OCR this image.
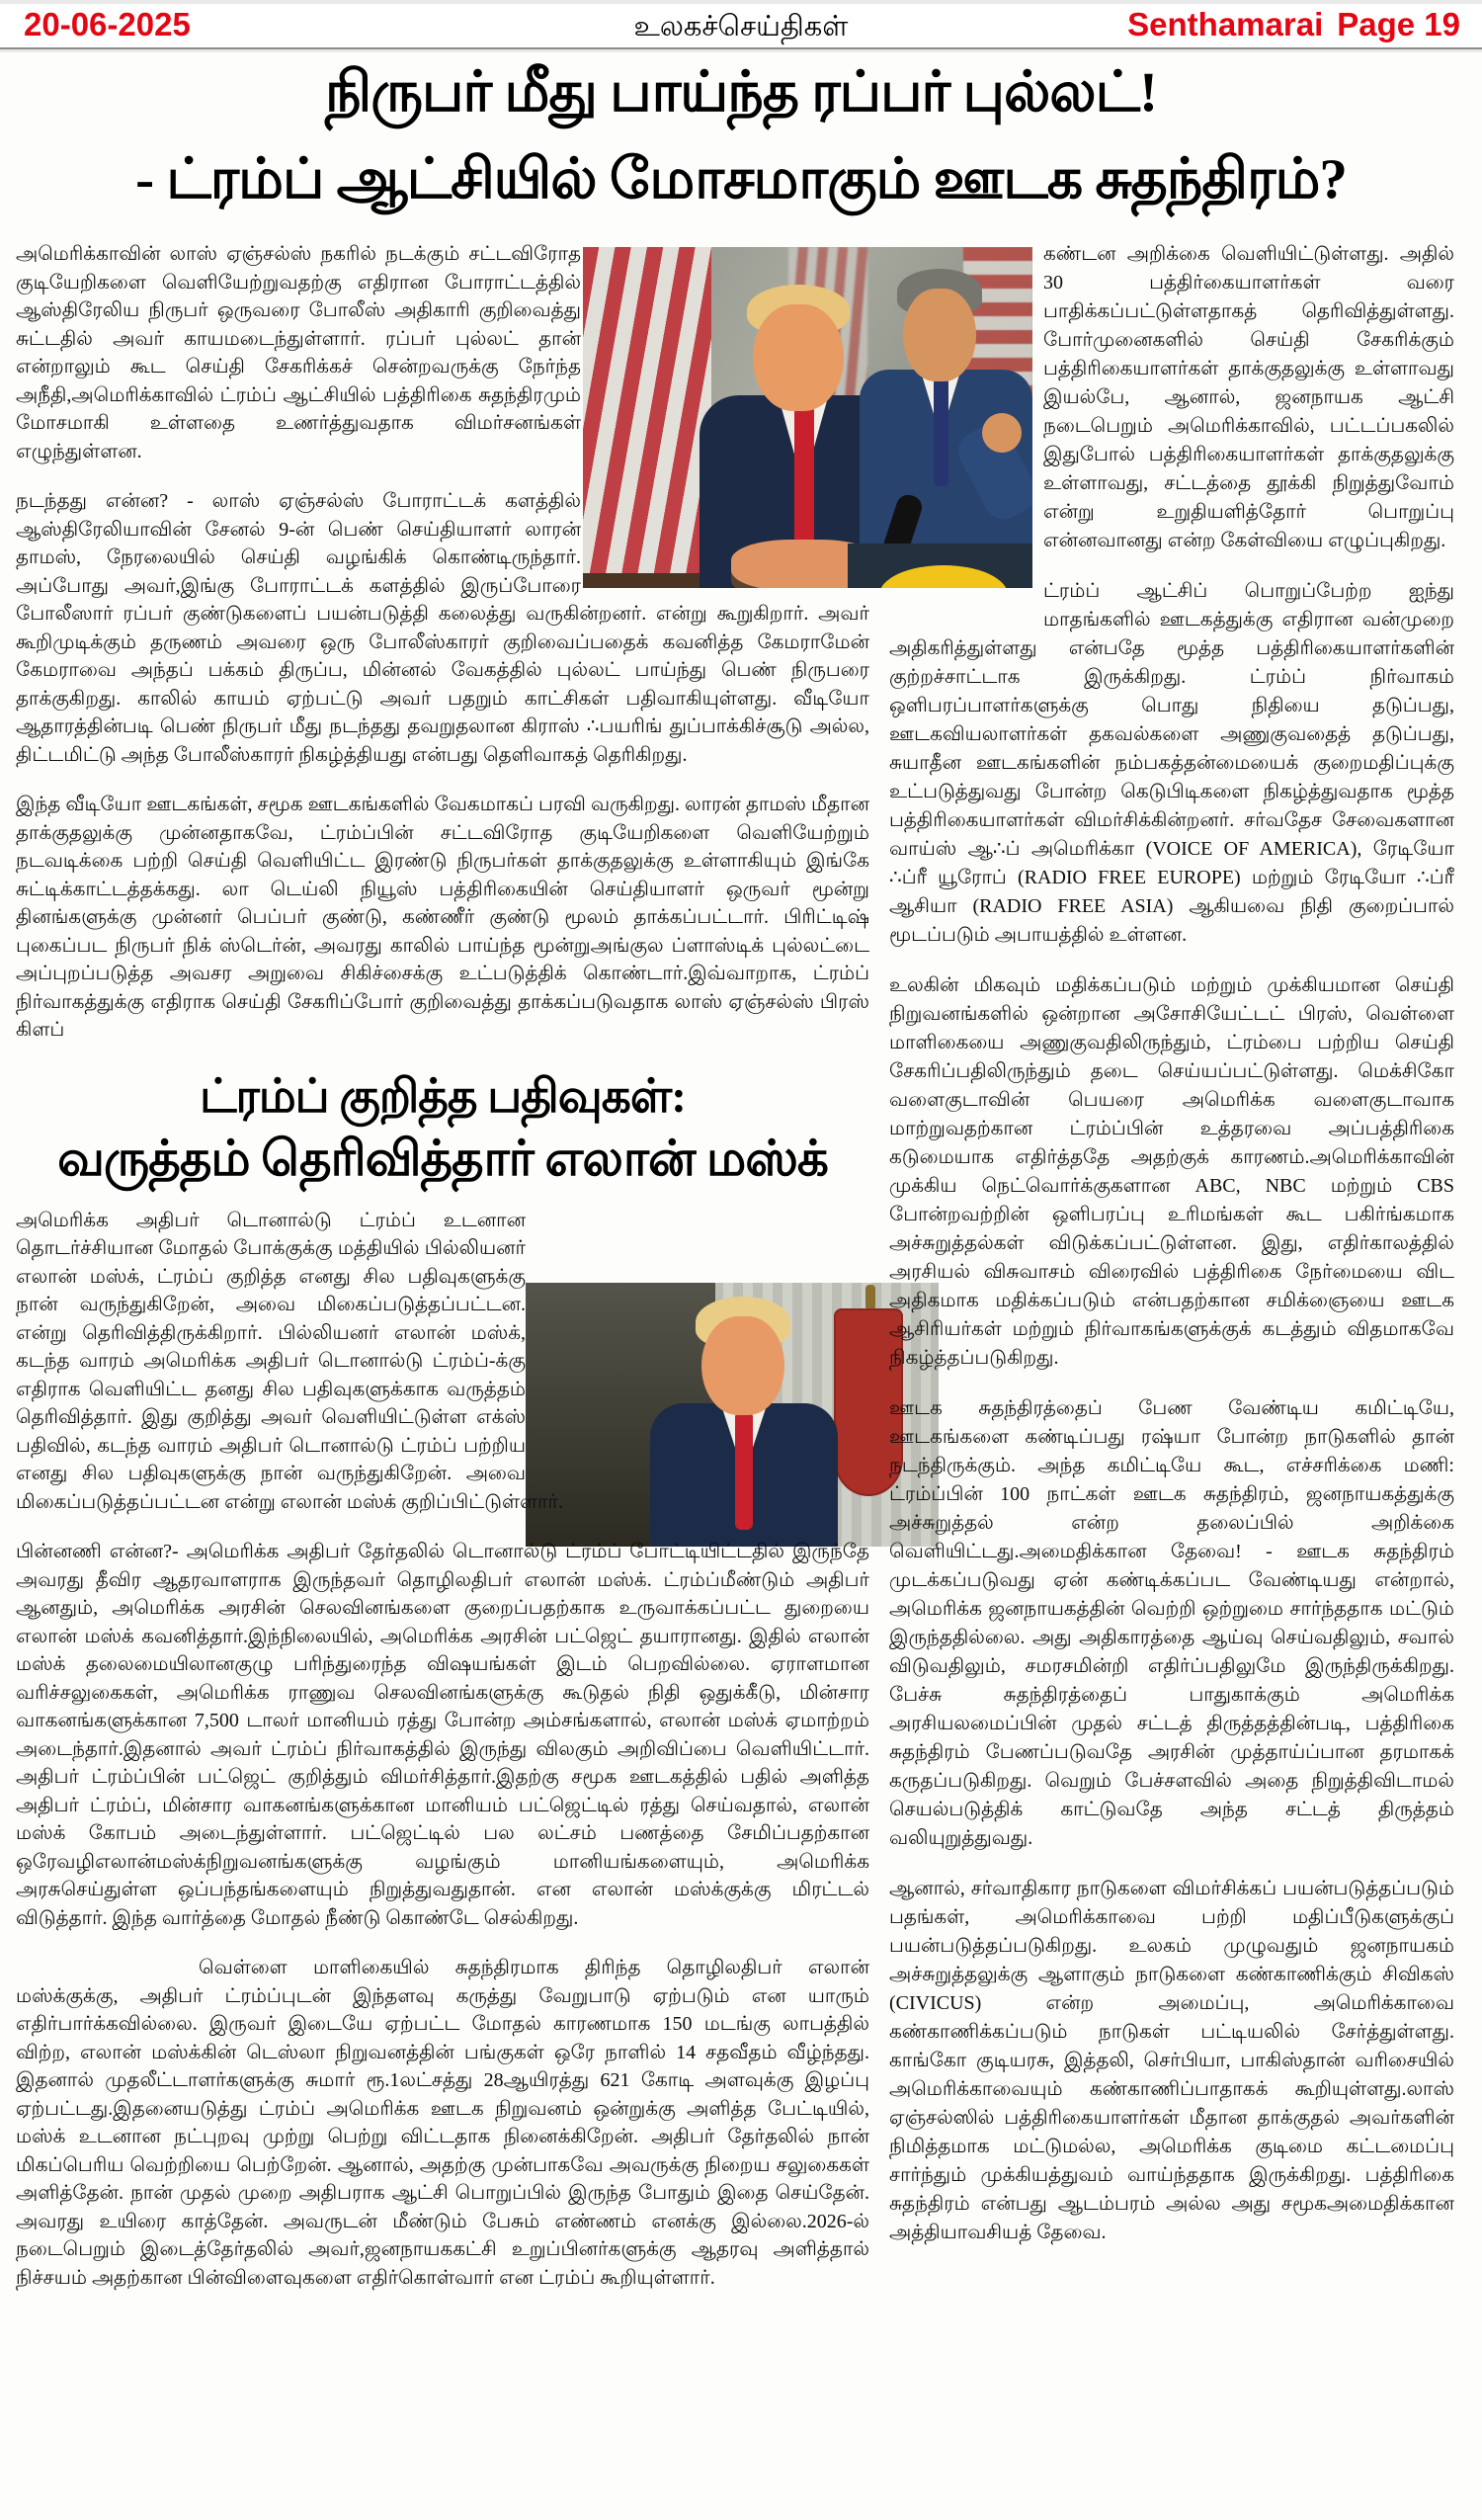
20-06-2025	உலகச்செய்திகள்	Senthamarai Page 19
நிருபர் மீது பாய்ந்த ரப்பர் புல்லட்!
- ட்ரம்ப் ஆட்சியில் மோசமாகும் ஊடக சுதந்திரம்?

அமெரிக்காவின் லாஸ் ஏஞ்சல்ஸ் நகரில் நடக்கும் சட்டவிரோத குடியேறிகளை வெளியேற்றுவதற்கு எதிரான போராட்டத்தில் ஆஸ்திரேலிய நிருபர் ஒருவரை போலீஸ் அதிகாரி குறிவைத்து சுட்டதில் அவர் காயமடைந்துள்ளார். ரப்பர் புல்லட் தான் என்றாலும் கூட செய்தி சேகரிக்கச் சென்றவருக்கு நேர்ந்த அநீதி,அமெரிக்காவில் ட்ரம்ப் ஆட்சியில் பத்திரிகை சுதந்திரமும் மோசமாகி உள்ளதை உணர்த்துவதாக விமர்சனங்கள் எழுந்துள்ளன.

நடந்தது என்ன? - லாஸ் ஏஞ்சல்ஸ் போராட்டக் களத்தில் ஆஸ்திரேலியாவின் சேனல் 9-ன் பெண் செய்தியாளர் லாரன் தாமஸ், நேரலையில் செய்தி வழங்கிக் கொண்டிருந்தார். அப்போது அவர்,இங்கு போராட்டக் களத்தில் இருப்போரை போலீஸார் ரப்பர் குண்டுகளைப் பயன்படுத்தி கலைத்து வருகின்றனர். என்று கூறுகிறார். அவர் கூறிமுடிக்கும் தருணம் அவரை ஒரு போலீஸ்காரர் குறிவைப்பதைக் கவனித்த கேமராமேன் கேமராவை அந்தப் பக்கம் திருப்ப, மின்னல் வேகத்தில் புல்லட் பாய்ந்து பெண் நிருபரை தாக்குகிறது. காலில் காயம் ஏற்பட்டு அவர் பதறும் காட்சிகள் பதிவாகியுள்ளது. வீடியோ ஆதாரத்தின்படி பெண் நிருபர் மீது நடந்தது தவறுதலான கிராஸ் ∴பயரிங் துப்பாக்கிச்சூடு அல்ல, திட்டமிட்டு அந்த போலீஸ்காரர் நிகழ்த்தியது என்பது தெளிவாகத் தெரிகிறது.

இந்த வீடியோ ஊடகங்கள், சமூக ஊடகங்களில் வேகமாகப் பரவி வருகிறது. லாரன் தாமஸ் மீதான தாக்குதலுக்கு முன்னதாகவே, ட்ரம்ப்பின் சட்டவிரோத குடியேறிகளை வெளியேற்றும் நடவடிக்கை பற்றி செய்தி வெளியிட்ட இரண்டு நிருபர்கள் தாக்குதலுக்கு உள்ளாகியும் இங்கே சுட்டிக்காட்டத்தக்கது. லா டெய்லி நியூஸ் பத்திரிகையின் செய்தியாளர் ஒருவர் மூன்று தினங்களுக்கு முன்னர் பெப்பர் குண்டு, கண்ணீர் குண்டு மூலம் தாக்கப்பட்டார். பிரிட்டிஷ் புகைப்பட நிருபர் நிக் ஸ்டெர்ன், அவரது காலில் பாய்ந்த மூன்றுஅங்குல ப்ளாஸ்டிக் புல்லட்டை அப்புறப்படுத்த அவசர அறுவை சிகிச்சைக்கு உட்படுத்திக் கொண்டார்.இவ்வாறாக, ட்ரம்ப் நிர்வாகத்துக்கு எதிராக செய்தி சேகரிப்போர் குறிவைத்து தாக்கப்படுவதாக லாஸ் ஏஞ்சல்ஸ் பிரஸ் கிளப்

ட்ரம்ப் குறித்த பதிவுகள்:
வருத்தம் தெரிவித்தார் எலான் மஸ்க்

அமெரிக்க அதிபர் டொனால்டு ட்ரம்ப் உடனான தொடர்ச்சியான மோதல் போக்குக்கு மத்தியில் பில்லியனர் எலான் மஸ்க், ட்ரம்ப் குறித்த எனது சில பதிவுகளுக்கு நான் வருந்துகிறேன், அவை மிகைப்படுத்தப்பட்டன. என்று தெரிவித்திருக்கிறார். பில்லியனர் எலான் மஸ்க், கடந்த வாரம் அமெரிக்க அதிபர் டொனால்டு ட்ரம்ப்-க்கு எதிராக வெளியிட்ட தனது சில பதிவுகளுக்காக வருத்தம் தெரிவித்தார். இது குறித்து அவர் வெளியிட்டுள்ள எக்ஸ் பதிவில், கடந்த வாரம் அதிபர் டொனால்டு ட்ரம்ப் பற்றிய எனது சில பதிவுகளுக்கு நான் வருந்துகிறேன். அவை மிகைப்படுத்தப்பட்டன என்று எலான் மஸ்க் குறிப்பிட்டுள்ளார்.

பின்னணி என்ன?- அமெரிக்க அதிபர் தேர்தலில் டொனால்டு ட்ரம்ப் போட்டியிட்டதில் இருந்தே அவரது தீவிர ஆதரவாளராக இருந்தவர் தொழிலதிபர் எலான் மஸ்க். ட்ரம்ப்மீண்டும் அதிபர் ஆனதும், அமெரிக்க அரசின் செலவினங்களை குறைப்பதற்காக உருவாக்கப்பட்ட துறையை எலான் மஸ்க் கவனித்தார்.இந்நிலையில், அமெரிக்க அரசின் பட்ஜெட் தயாரானது. இதில் எலான் மஸ்க் தலைமையிலானகுழு பரிந்துரைந்த விஷயங்கள் இடம் பெறவில்லை. ஏராளமான வரிச்சலுகைகள், அமெரிக்க ராணுவ செலவினங்களுக்கு கூடுதல் நிதி ஒதுக்கீடு, மின்சார வாகனங்களுக்கான 7,500 டாலர் மானியம் ரத்து போன்ற அம்சங்களால், எலான் மஸ்க் ஏமாற்றம் அடைந்தார்.இதனால் அவர் ட்ரம்ப் நிர்வாகத்தில் இருந்து விலகும் அறிவிப்பை வெளியிட்டார். அதிபர் ட்ரம்ப்பின் பட்ஜெட் குறித்தும் விமர்சித்தார்.இதற்கு சமூக ஊடகத்தில் பதில் அளித்த அதிபர் ட்ரம்ப், மின்சார வாகனங்களுக்கான மானியம் பட்ஜெட்டில் ரத்து செய்வதால், எலான் மஸ்க் கோபம் அடைந்துள்ளார். பட்ஜெட்டில் பல லட்சம் பணத்தை சேமிப்பதற்கான ஒரேவழிஎலான்மஸ்க்நிறுவனங்களுக்கு வழங்கும் மானியங்களையும், அமெரிக்க அரசுசெய்துள்ள ஒப்பந்தங்களையும் நிறுத்துவதுதான். என எலான் மஸ்க்குக்கு மிரட்டல் விடுத்தார். இந்த வார்த்தை மோதல் நீண்டு கொண்டே செல்கிறது.

வெள்ளை மாளிகையில் சுதந்திரமாக திரிந்த தொழிலதிபர் எலான் மஸ்க்குக்கு, அதிபர் ட்ரம்ப்புடன் இந்தளவு கருத்து வேறுபாடு ஏற்படும் என யாரும் எதிர்பார்க்கவில்லை. இருவர் இடையே ஏற்பட்ட மோதல் காரணமாக 150 மடங்கு லாபத்தில் விற்ற, எலான் மஸ்க்கின் டெஸ்லா நிறுவனத்தின் பங்குகள் ஒரே நாளில் 14 சதவீதம் வீழ்ந்தது. இதனால் முதலீட்டாளர்களுக்கு சுமார் ரூ.1லட்சத்து 28ஆயிரத்து 621 கோடி அளவுக்கு இழப்பு ஏற்பட்டது.இதனையடுத்து ட்ரம்ப் அமெரிக்க ஊடக நிறுவனம் ஒன்றுக்கு அளித்த பேட்டியில், மஸ்க் உடனான நட்புறவு முற்று பெற்று விட்டதாக நினைக்கிறேன். அதிபர் தேர்தலில் நான் மிகப்பெரிய வெற்றியை பெற்றேன். ஆனால், அதற்கு முன்பாகவே அவருக்கு நிறைய சலுகைகள் அளித்தேன். நான் முதல் முறை அதிபராக ஆட்சி பொறுப்பில் இருந்த போதும் இதை செய்தேன். அவரது உயிரை காத்தேன். அவருடன் மீண்டும் பேசும் எண்ணம் எனக்கு இல்லை.2026-ல் நடைபெறும் இடைத்தேர்தலில் அவர்,ஜனநாயககட்சி உறுப்பினர்களுக்கு ஆதரவு அளித்தால் நிச்சயம் அதற்கான பின்விளைவுகளை எதிர்கொள்வார் என ட்ரம்ப் கூறியுள்ளார்.

கண்டன அறிக்கை வெளியிட்டுள்ளது. அதில் 30 பத்திர்கையாளர்கள் வரை பாதிக்கப்பட்டுள்ளதாகத் தெரிவித்துள்ளது. போர்முனைகளில் செய்தி சேகரிக்கும் பத்திரிகையாளர்கள் தாக்குதலுக்கு உள்ளாவது இயல்பே, ஆனால், ஜனநாயக ஆட்சி நடைபெறும் அமெரிக்காவில், பட்டப்பகலில் இதுபோல் பத்திரிகையாளர்கள் தாக்குதலுக்கு உள்ளாவது, சட்டத்தை தூக்கி நிறுத்துவோம் என்று உறுதியளித்தோர் பொறுப்பு என்னவானது என்ற கேள்வியை எழுப்புகிறது.

ட்ரம்ப் ஆட்சிப் பொறுப்பேற்ற ஐந்து மாதங்களில் ஊடகத்துக்கு எதிரான வன்முறை அதிகரித்துள்ளது என்பதே மூத்த பத்திரிகையாளர்களின் குற்றச்சாட்டாக இருக்கிறது. ட்ரம்ப் நிர்வாகம் ஒளிபரப்பாளர்களுக்கு பொது நிதியை தடுப்பது, ஊடகவியலாளர்கள் தகவல்களை அணுகுவதைத் தடுப்பது, சுயாதீன ஊடகங்களின் நம்பகத்தன்மையைக் குறைமதிப்புக்கு உட்படுத்துவது போன்ற கெடுபிடிகளை நிகழ்த்துவதாக மூத்த பத்திரிகையாளர்கள் விமர்சிக்கின்றனர். சர்வதேச சேவைகளான வாய்ஸ் ஆ∴ப் அமெரிக்கா (VOICE OF AMERICA), ரேடியோ ∴ப்ரீ யூரோப் (RADIO FREE EUROPE) மற்றும் ரேடியோ ∴ப்ரீ ஆசியா (RADIO FREE ASIA) ஆகியவை நிதி குறைப்பால் மூடப்படும் அபாயத்தில் உள்ளன.

உலகின் மிகவும் மதிக்கப்படும் மற்றும் முக்கியமான செய்தி நிறுவனங்களில் ஒன்றான அசோசியேட்டட் பிரஸ், வெள்ளை மாளிகையை அணுகுவதிலிருந்தும், ட்ரம்பை பற்றிய செய்தி சேகரிப்பதிலிருந்தும் தடை செய்யப்பட்டுள்ளது. மெக்சிகோ வளைகுடாவின் பெயரை அமெரிக்க வளைகுடாவாக மாற்றுவதற்கான ட்ரம்ப்பின் உத்தரவை அப்பத்திரிகை கடுமையாக எதிர்த்ததே அதற்குக் காரணம்.அமெரிக்காவின் முக்கிய நெட்வொர்க்குகளான ABC, NBC மற்றும் CBS போன்றவற்றின் ஒளிபரப்பு உரிமங்கள் கூட பகிர்ங்கமாக அச்சுறுத்தல்கள் விடுக்கப்பட்டுள்ளன. இது, எதிர்காலத்தில் அரசியல் விசுவாசம் விரைவில் பத்திரிகை நேர்மையை விட அதிகமாக மதிக்கப்படும் என்பதற்கான சமிக்ஞையை ஊடக ஆசிரியர்கள் மற்றும் நிர்வாகங்களுக்குக் கடத்தும் விதமாகவே நிகழ்த்தப்படுகிறது.

ஊடக சுதந்திரத்தைப் பேண வேண்டிய கமிட்டியே, ஊடகங்களை கண்டிப்பது ரஷ்யா போன்ற நாடுகளில் தான் நடந்திருக்கும். அந்த கமிட்டியே கூட, எச்சரிக்கை மணி: ட்ரம்ப்பின் 100 நாட்கள் ஊடக சுதந்திரம், ஜனநாயகத்துக்கு அச்சுறுத்தல் என்ற தலைப்பில் அறிக்கை வெளியிட்டது.அமைதிக்கான தேவை! - ஊடக சுதந்திரம் முடக்கப்படுவது ஏன் கண்டிக்கப்பட வேண்டியது என்றால், அமெரிக்க ஜனநாயகத்தின் வெற்றி ஒற்றுமை சார்ந்ததாக மட்டும் இருந்ததில்லை. அது அதிகாரத்தை ஆய்வு செய்வதிலும், சவால் விடுவதிலும், சமரசமின்றி எதிர்ப்பதிலுமே இருந்திருக்கிறது. பேச்சு சுதந்திரத்தைப் பாதுகாக்கும் அமெரிக்க அரசியலமைப்பின் முதல் சட்டத் திருத்தத்தின்படி, பத்திரிகை சுதந்திரம் பேணப்படுவதே அரசின் முத்தாய்ப்பான தரமாகக் கருதப்படுகிறது. வெறும் பேச்சளவில் அதை நிறுத்திவிடாமல் செயல்படுத்திக் காட்டுவதே அந்த சட்டத் திருத்தம் வலியுறுத்துவது.

ஆனால், சர்வாதிகார நாடுகளை விமர்சிக்கப் பயன்படுத்தப்படும் பதங்கள், அமெரிக்காவை பற்றி மதிப்பீடுகளுக்குப் பயன்படுத்தப்படுகிறது. உலகம் முழுவதும் ஜனநாயகம் அச்சுறுத்தலுக்கு ஆளாகும் நாடுகளை கண்காணிக்கும் சிவிகஸ் (CIVICUS) என்ற அமைப்பு, அமெரிக்காவை கண்காணிக்கப்படும் நாடுகள் பட்டியலில் சேர்த்துள்ளது. காங்கோ குடியரசு, இத்தலி, செர்பியா, பாகிஸ்தான் வரிசையில் அமெரிக்காவையும் கண்காணிப்பாதாகக் கூறியுள்ளது.லாஸ் ஏஞ்சல்ஸில் பத்திரிகையாளர்கள் மீதான தாக்குதல் அவர்களின் நிமித்தமாக மட்டுமல்ல, அமெரிக்க குடிமை கட்டமைப்பு சார்ந்தும் முக்கியத்துவம் வாய்ந்ததாக இருக்கிறது. பத்திரிகை சுதந்திரம் என்பது ஆடம்பரம் அல்ல அது சமூகஅமைதிக்கான அத்தியாவசியத் தேவை.
